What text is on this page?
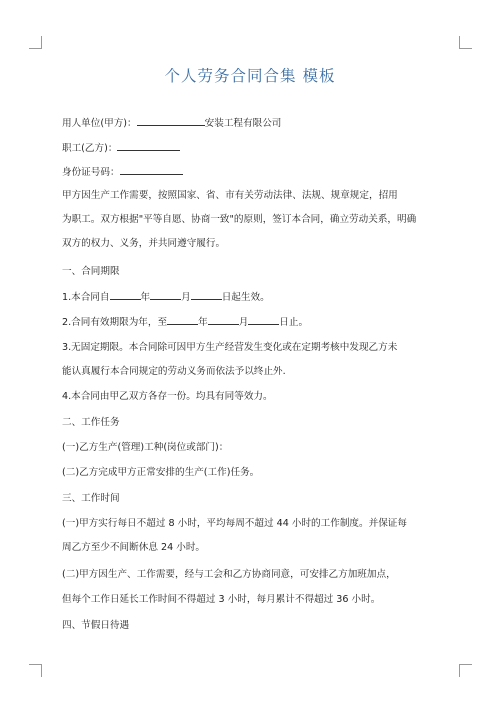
个人劳务合同合集 模板
用人单位(甲方)：	安装工程有限公司
职工(乙方)：
身份证号码：
甲方因生产工作需要，按照国家、省、市有关劳动法律、法规、规章规定，招用
为职工。双方根据"平等自愿、协商一致"的原则，签订本合同，确立劳动关系，明确
双方的权力、义务，并共同遵守履行。
一、合同期限
1.本合同自	年	月	日起生效。
2.合同有效期限为年，至	年	月	日止。
3.无固定期限。本合同除可因甲方生产经营发生变化或在定期考核中发现乙方未
能认真履行本合同规定的劳动义务而依法予以终止外.
4.本合同由甲乙双方各存一份。均具有同等效力。
二、工作任务
(一)乙方生产(管理)工种(岗位或部门)：
(二)乙方完成甲方正常安排的生产(工作)任务。
三、工作时间
(一)甲方实行每日不超过 8 小时，平均每周不超过 44 小时的工作制度。并保证每
周乙方至少不间断休息 24 小时。
(二)甲方因生产、工作需要，经与工会和乙方协商同意，可安排乙方加班加点，
但每个工作日延长工作时间不得超过 3 小时，每月累计不得超过 36 小时。
四、节假日待遇
